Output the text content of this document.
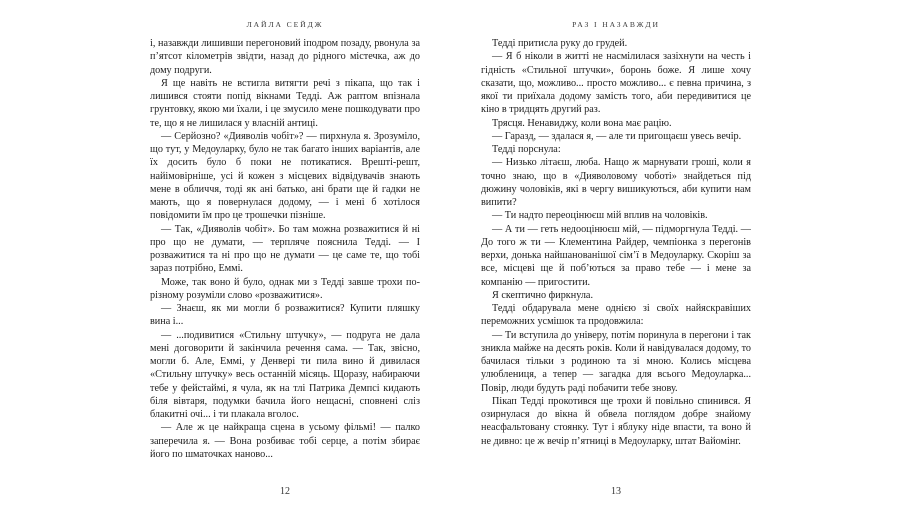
ЛАЙЛА СЕЙДЖ

і, назавжди лишивши перегоновий іподром позаду, рвонула за п’ятсот кілометрів звідти, назад до рідного містечка, аж до дому подруги.

Я ще навіть не встигла витягти речі з пікапа, що так і лишився стояти попід вікнами Тедді. Аж раптом впізнала грунтовку, якою ми їхали, і це змусило мене пошкодувати про те, що я не лишилася у власній антиці.

— Серйозно? «Дияволів чобіт»? — пирхнула я. Зрозуміло, що тут, у Медоуларку, було не так багато інших варіантів, але їх досить було б поки не потикатися. Врешті-решт, найімовірніше, усі й кожен з місцевих відвідувачів знають мене в обличчя, тоді як ані батько, ані брати ще й гадки не мають, що я повернулася додому, — і мені б хотілося повідомити їм про це трошечки пізніше.

— Так, «Дияволів чобіт». Бо там можна розважитися й ні про що не думати, — терпляче пояснила Тедді. — І розважитися та ні про що не думати — це саме те, що тобі зараз потрібно, Еммі.

Може, так воно й було, однак ми з Тедді завше трохи по-різному розуміли слово «розважитися».

— Знаєш, як ми могли б розважитися? Купити пляшку вина і...

— ...подивитися «Стильну штучку», — подруга не дала мені договорити й закінчила речення сама. — Так, звісно, могли б. Але, Еммі, у Денвері ти пила вино й дивилася «Стильну штучку» весь останній місяць. Щоразу, набираючи тебе у фейстаймі, я чула, як на тлі Патрика Демпсі кидають біля вівтаря, подумки бачила його нещасні, сповнені сліз блакитні очі... і ти плакала вголос.

— Але ж це найкраща сцена в усьому фільмі! — палко заперечила я. — Вона розбиває тобі серце, а потім збирає його по шматочках наново...

12
РАЗ І НАЗАВЖДИ

Тедді притисла руку до грудей.

— Я б ніколи в житті не насмілилася зазіхнути на честь і гідність «Стильної штучки», боронь боже. Я лише хочу сказати, що, можливо... просто можливо... є певна причина, з якої ти приїхала додому замість того, аби передивитися це кіно в тридцять другий раз.

Трясця. Ненавиджу, коли вона має рацію.

— Гаразд, — здалася я, — але ти пригощаєш увесь вечір.

Тедді порснула:

— Низько літаєш, люба. Нащо ж марнувати гроші, коли я точно знаю, що в «Дияволовому чоботі» знайдеться під дюжину чоловіків, які в чергу вишикуються, аби купити нам випити?

— Ти надто переоцінюєш мій вплив на чоловіків.

— А ти — геть недооцінюєш мій, — підморгнула Тедді. — До того ж ти — Клементина Райдер, чемпіонка з перегонів верхи, донька найшанованішої сім’ї в Медоуларку. Скоріш за все, місцеві ще й поб’ються за право тебе — і мене за компанію — пригостити.

Я скептично фиркнула.

Тедді обдарувала мене однією зі своїх найяскравіших переможних усмішок та продовжила:

— Ти вступила до універу, потім поринула в перегони і так зникла майже на десять років. Коли й навідувалася додому, то бачилася тільки з родиною та зі мною. Колись місцева улюблениця, а тепер — загадка для всього Медоуларка... Повір, люди будуть раді побачити тебе знову.

Пікап Тедді прокотився ще трохи й повільно спинився. Я озирнулася до вікна й обвела поглядом добре знайому неасфальтовану стоянку. Тут і яблуку ніде впасти, та воно й не дивно: це ж вечір п’ятниці в Медоуларку, штат Вайомінг.

13
